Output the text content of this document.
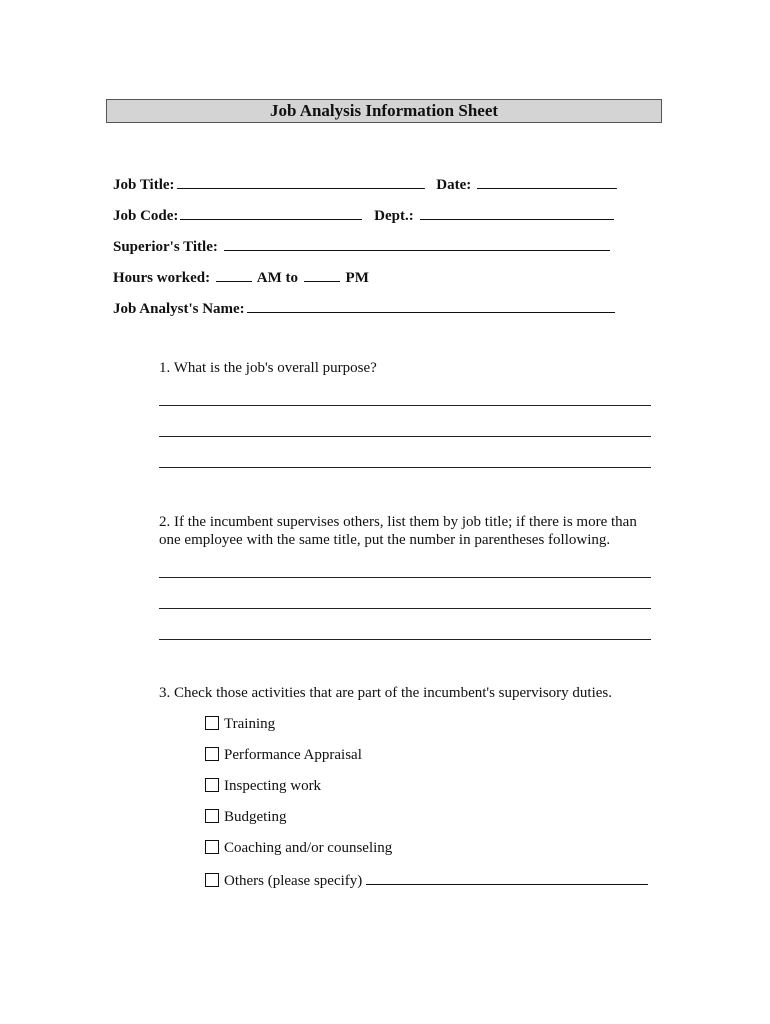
Job Analysis Information Sheet
Job Title:	Date:
Job Code:	Dept.:
Superior's Title:
Hours worked:	AM to	PM
Job Analyst's Name:
1. What is the job's overall purpose?
2. If the incumbent supervises others, list them by job title; if there is more than
one employee with the same title, put the number in parentheses following.
3. Check those activities that are part of the incumbent's supervisory duties.
Training
Performance Appraisal
Inspecting work
Budgeting
Coaching and/or counseling
Others (please specify)
